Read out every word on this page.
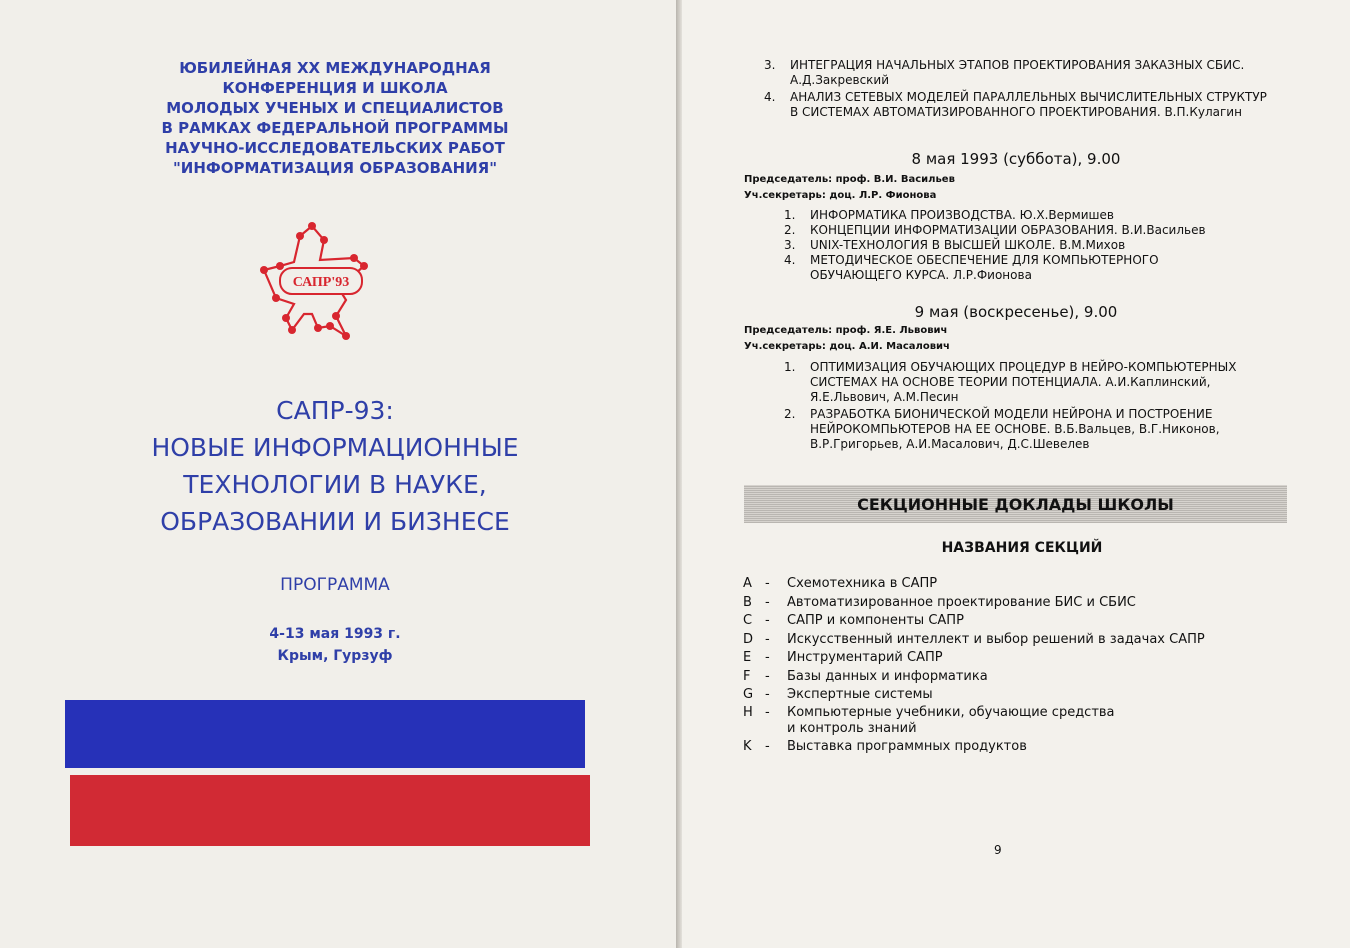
ЮБИЛЕЙНАЯ XX МЕЖДУНАРОДНАЯ
КОНФЕРЕНЦИЯ И ШКОЛА
МОЛОДЫХ УЧЕНЫХ И СПЕЦИАЛИСТОВ
В РАМКАХ ФЕДЕРАЛЬНОЙ ПРОГРАММЫ
НАУЧНО-ИССЛЕДОВАТЕЛЬСКИХ РАБОТ
"ИНФОРМАТИЗАЦИЯ ОБРАЗОВАНИЯ"
САПР'93
САПР-93:
НОВЫЕ ИНФОРМАЦИОННЫЕ
ТЕХНОЛОГИИ В НАУКЕ,
ОБРАЗОВАНИИ И БИЗНЕСЕ
ПРОГРАММА
4-13 мая 1993 г.
Крым, Гурзуф
3. ИНТЕГРАЦИЯ НАЧАЛЬНЫХ ЭТАПОВ ПРОЕКТИРОВАНИЯ ЗАКАЗНЫХ СБИС. А.Д.Закревский
4. АНАЛИЗ СЕТЕВЫХ МОДЕЛЕЙ ПАРАЛЛЕЛЬНЫХ ВЫЧИСЛИТЕЛЬНЫХ СТРУКТУР В СИСТЕМАХ АВТОМАТИЗИРОВАННОГО ПРОЕКТИРОВАНИЯ. В.П.Кулагин
8 мая 1993 (суббота), 9.00
Председатель: проф. В.И. Васильев
Уч.секретарь: доц. Л.Р. Фионова
1. ИНФОРМАТИКА ПРОИЗВОДСТВА. Ю.Х.Вермишев
2. КОНЦЕПЦИИ ИНФОРМАТИЗАЦИИ ОБРАЗОВАНИЯ. В.И.Васильев
3. UNIX-ТЕХНОЛОГИЯ В ВЫСШЕЙ ШКОЛЕ. В.М.Михов
4. МЕТОДИЧЕСКОЕ ОБЕСПЕЧЕНИЕ ДЛЯ КОМПЬЮТЕРНОГО ОБУЧАЮЩЕГО КУРСА. Л.Р.Фионова
9 мая (воскресенье), 9.00
Председатель: проф. Я.Е. Львович
Уч.секретарь: доц. А.И. Масалович
1. ОПТИМИЗАЦИЯ ОБУЧАЮЩИХ ПРОЦЕДУР В НЕЙРО-КОМПЬЮТЕРНЫХ СИСТЕМАХ НА ОСНОВЕ ТЕОРИИ ПОТЕНЦИАЛА. А.И.Каплинский, Я.Е.Львович, А.М.Песин
2. РАЗРАБОТКА БИОНИЧЕСКОЙ МОДЕЛИ НЕЙРОНА И ПОСТРОЕНИЕ НЕЙРОКОМПЬЮТЕРОВ НА ЕЕ ОСНОВЕ. В.Б.Вальцев, В.Г.Никонов, В.Р.Григорьев, А.И.Масалович, Д.С.Шевелев
СЕКЦИОННЫЕ ДОКЛАДЫ ШКОЛЫ
НАЗВАНИЯ СЕКЦИЙ
A - Схемотехника в САПР
B - Автоматизированное проектирование БИС и СБИС
C - САПР и компоненты САПР
D - Искусственный интеллект и выбор решений в задачах САПР
E - Инструментарий САПР
F - Базы данных и информатика
G - Экспертные системы
H - Компьютерные учебники, обучающие средства
и контроль знаний
K - Выставка программных продуктов
9
